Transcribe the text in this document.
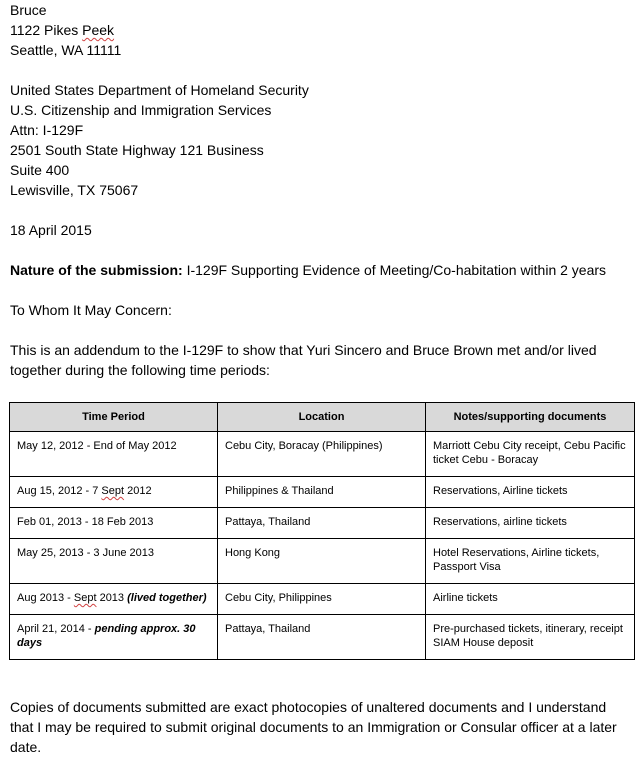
Bruce

1122 Pikes Peek

Seattle, WA 11111

United States Department of Homeland Security

U.S. Citizenship and Immigration Services

Attn: I-129F

2501 South State Highway 121 Business

Suite 400

Lewisville, TX 75067

18 April 2015

Nature of the submission: I-129F Supporting Evidence of Meeting/Co-habitation within 2 years

To Whom It May Concern:

This is an addendum to the I-129F to show that Yuri Sincero and Bruce Brown met and/or lived

together during the following time periods:

Time Period	Location	Notes/supporting documents
May 12, 2012 - End of May 2012	Cebu City, Boracay (Philippines)	Marriott Cebu City receipt, Cebu Pacific ticket Cebu - Boracay
Aug 15, 2012 - 7 Sept 2012	Philippines & Thailand	Reservations, Airline tickets
Feb 01, 2013 - 18 Feb 2013	Pattaya, Thailand	Reservations, airline tickets
May 25, 2013 - 3 June 2013	Hong Kong	Hotel Reservations, Airline tickets, Passport Visa
Aug 2013 - Sept 2013 (lived together)	Cebu City, Philippines	Airline tickets
April 21, 2014 - pending approx. 30 days	Pattaya, Thailand	Pre-purchased tickets, itinerary, receipt SIAM House deposit

Copies of documents submitted are exact photocopies of unaltered documents and I understand

that I may be required to submit original documents to an Immigration or Consular officer at a later

date.
